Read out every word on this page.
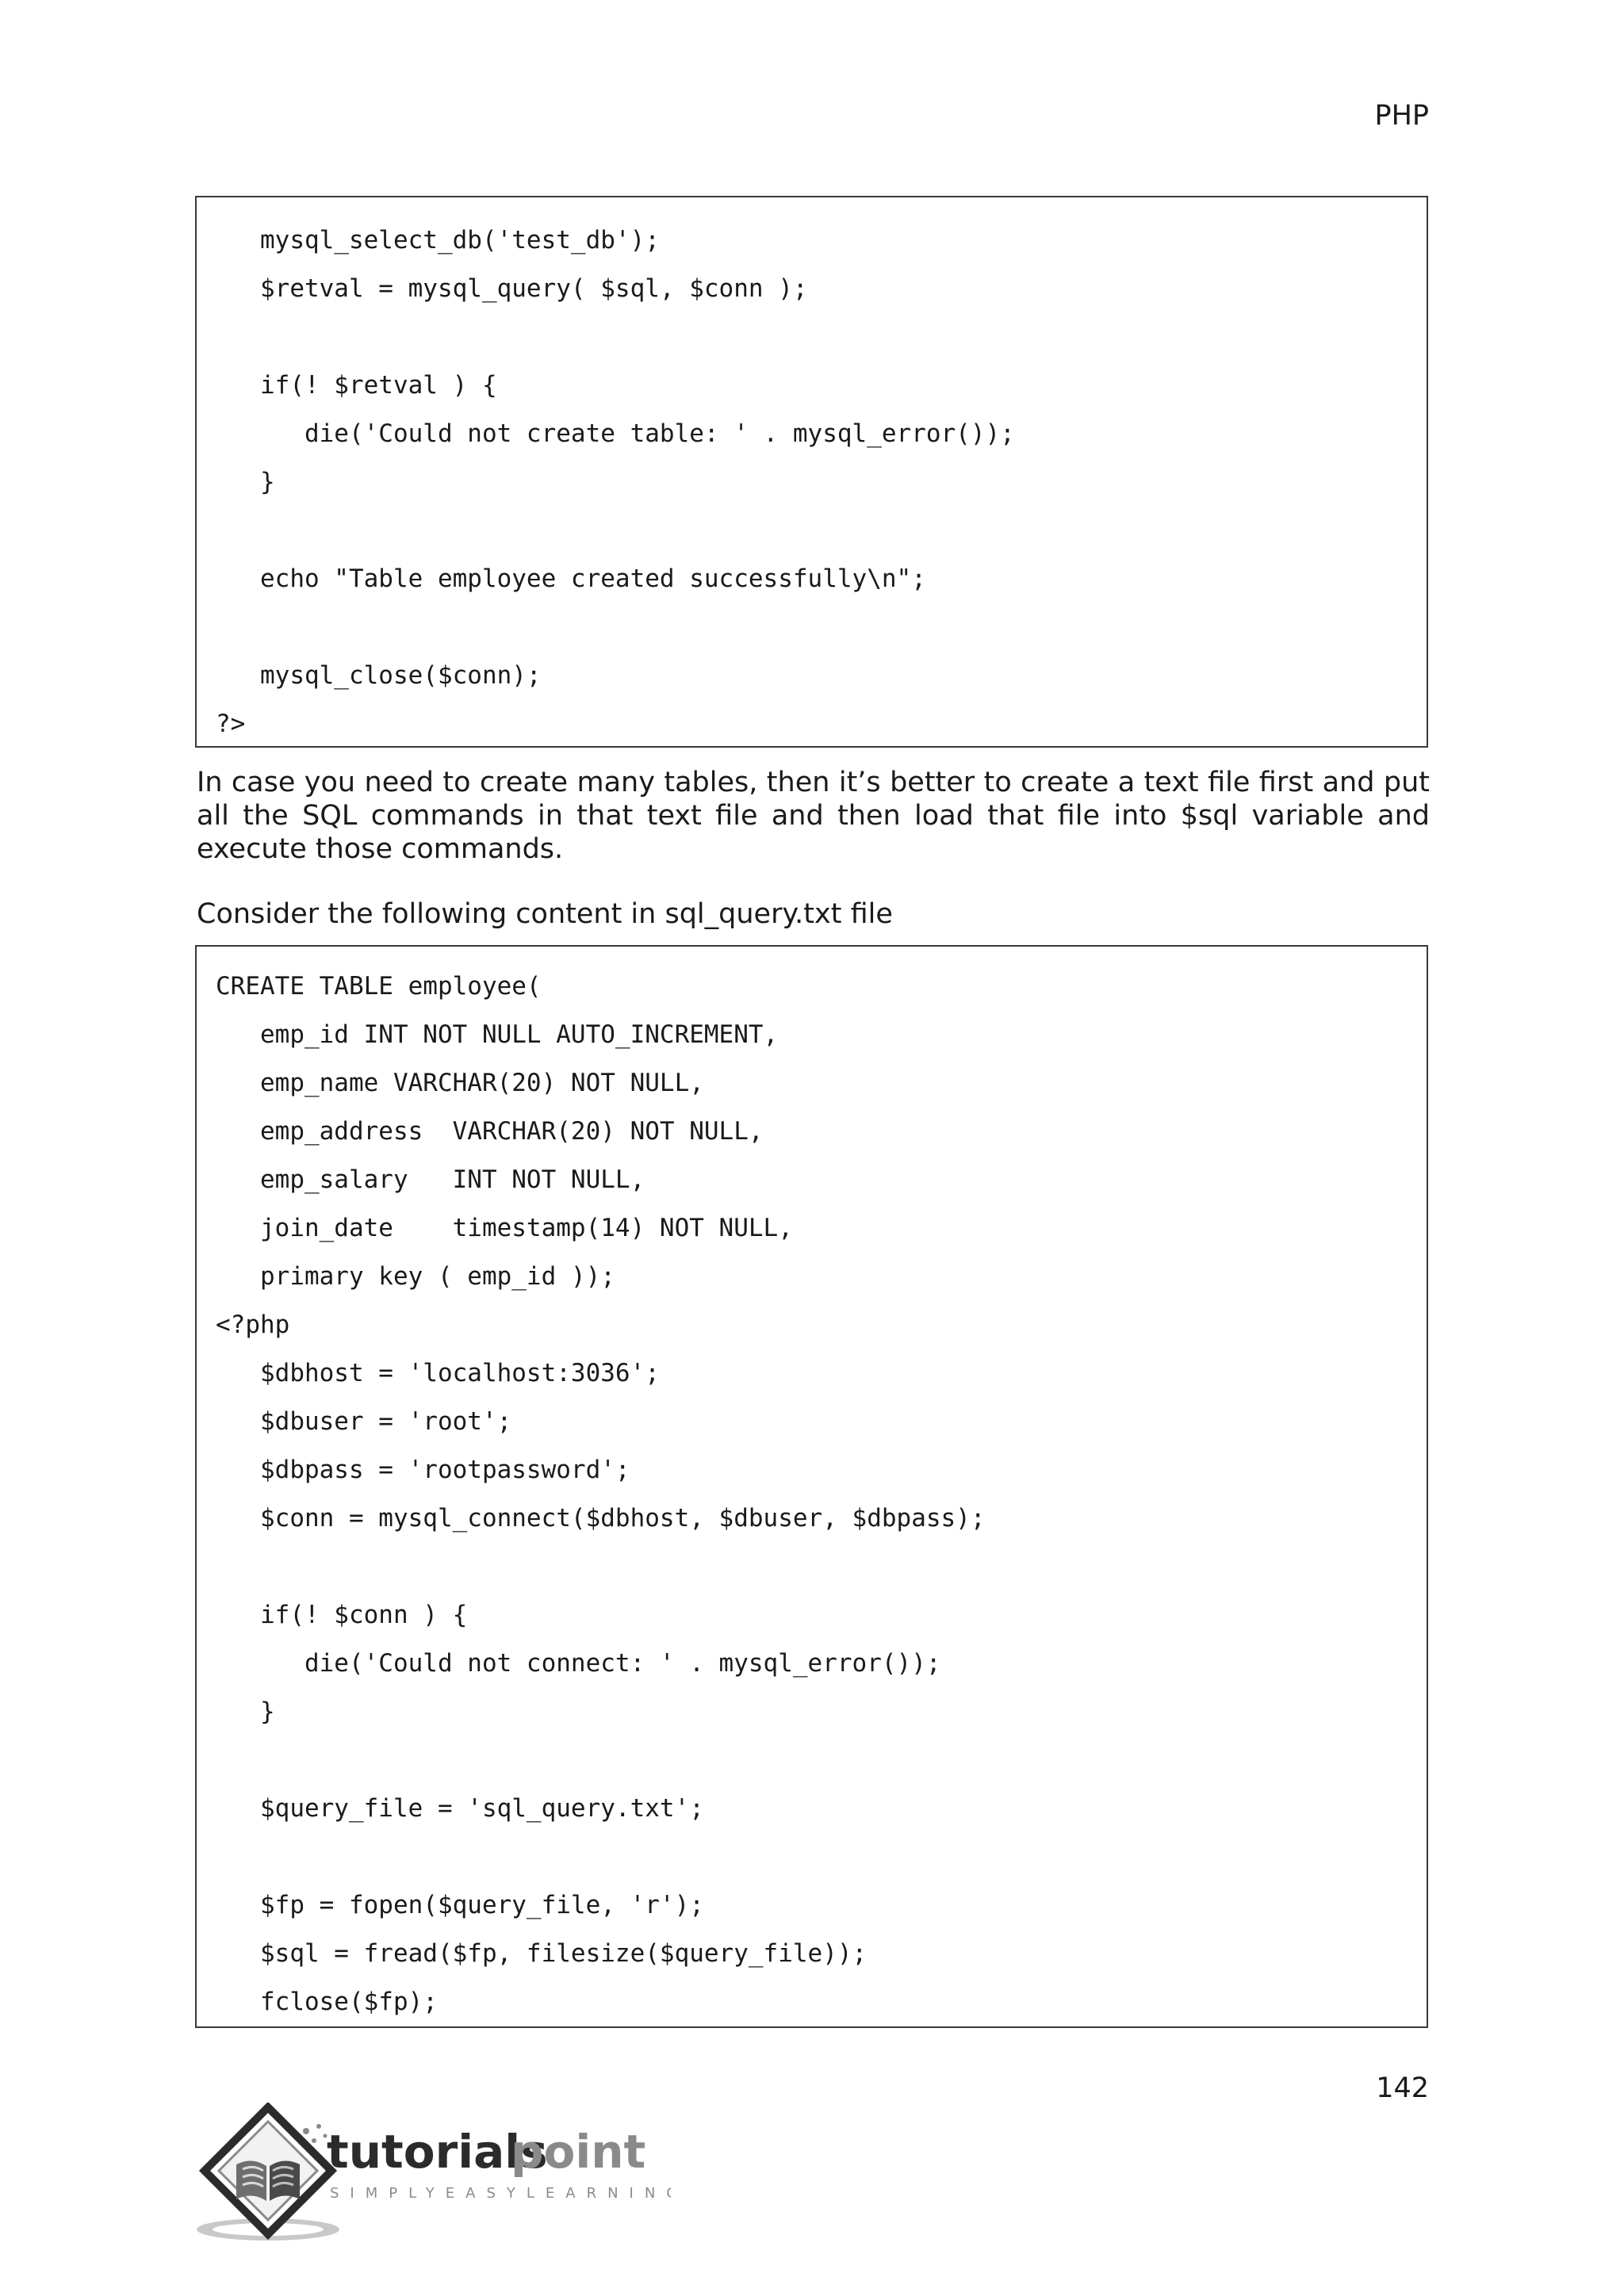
PHP
mysql_select_db('test_db');
$retval = mysql_query( $sql, $conn );
if(! $retval ) {
die('Could not create table: ' . mysql_error());
}
echo "Table employee created successfully\n";
mysql_close($conn);
?>
In case you need to create many tables, then it’s better to create a text file first and put all the SQL commands in that text file and then load that file into $sql variable and execute those commands.
Consider the following content in sql_query.txt file
CREATE TABLE employee(
emp_id INT NOT NULL AUTO_INCREMENT,
emp_name VARCHAR(20) NOT NULL,
emp_address  VARCHAR(20) NOT NULL,
emp_salary   INT NOT NULL,
join_date    timestamp(14) NOT NULL,
primary key ( emp_id ));
<?php
$dbhost = 'localhost:3036';
$dbuser = 'root';
$dbpass = 'rootpassword';
$conn = mysql_connect($dbhost, $dbuser, $dbpass);
if(! $conn ) {
die('Could not connect: ' . mysql_error());
}
$query_file = 'sql_query.txt';
$fp = fopen($query_file, 'r');
$sql = fread($fp, filesize($query_file));
fclose($fp);
142
tutorials
point
SIMPLYEASYLEARNING
